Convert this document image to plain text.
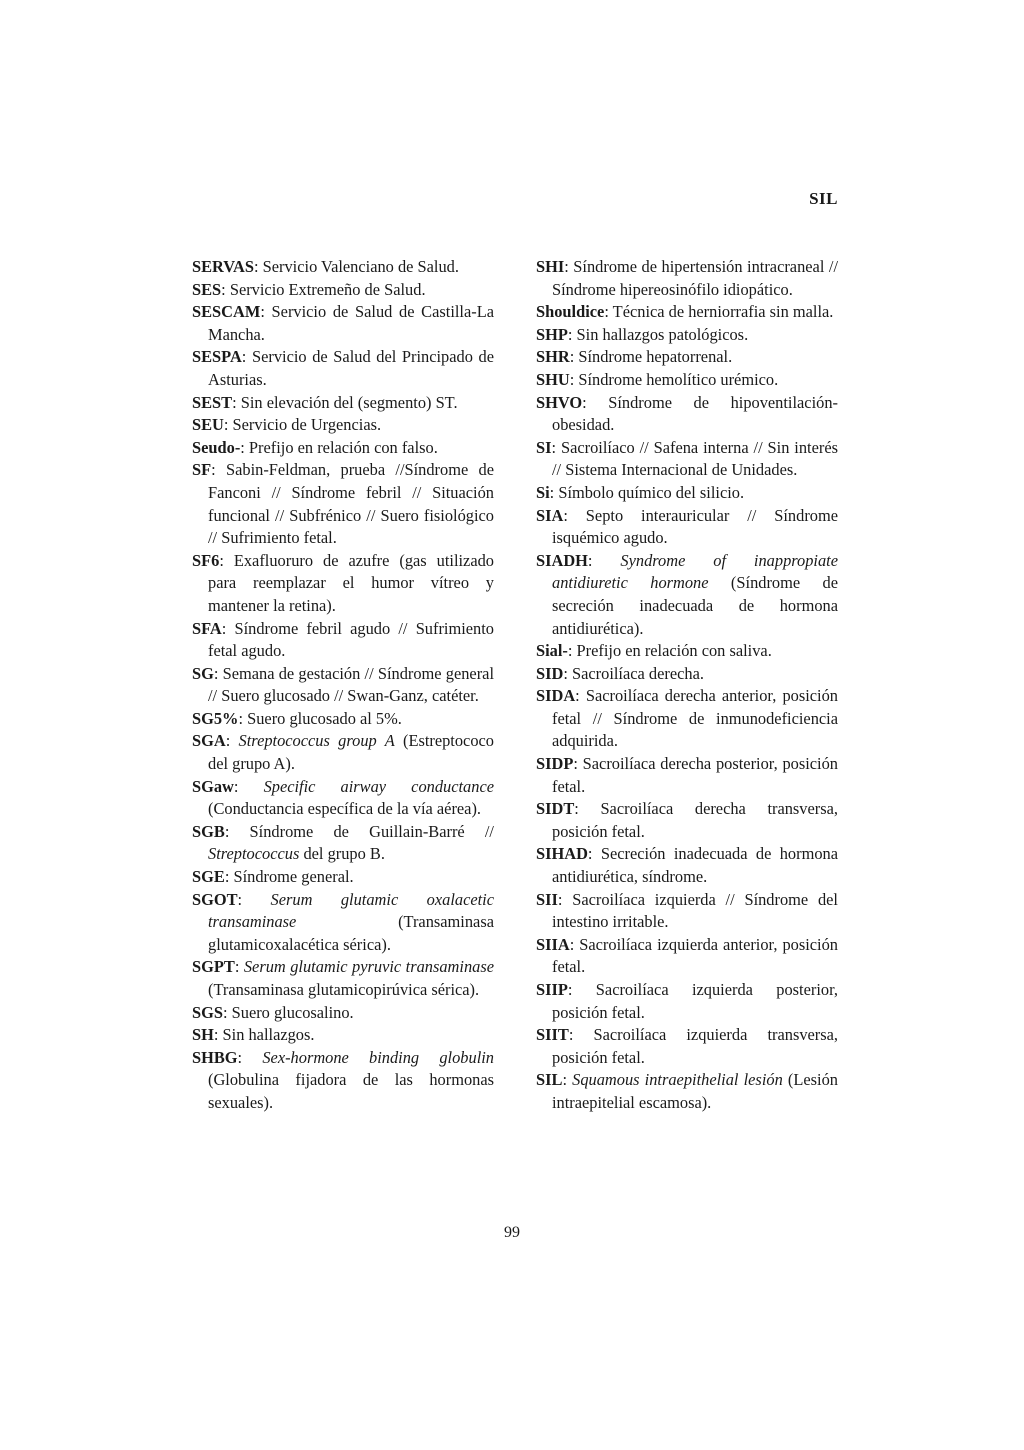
SIL

SERVAS: Servicio Valenciano de Salud.

SES: Servicio Extremeño de Salud.

SESCAM: Servicio de Salud de Castilla-La Mancha.

SESPA: Servicio de Salud del Principado de Asturias.

SEST: Sin elevación del (segmento) ST.

SEU: Servicio de Urgencias.

Seudo-: Prefijo en relación con falso.

SF: Sabin-Feldman, prueba //Síndrome de Fanconi // Síndrome febril // Situación funcional // Subfrénico // Suero fisiológico // Sufrimiento fetal.

SF6: Exafluoruro de azufre (gas utilizado para reemplazar el humor vítreo y mantener la retina).

SFA: Síndrome febril agudo // Sufrimiento fetal agudo.

SG: Semana de gestación // Síndrome general // Suero glucosado // Swan-Ganz, catéter.

SG5%: Suero glucosado al 5%.

SGA: Streptococcus group A (Estreptococo del grupo A).

SGaw: Specific airway conductance (Conductancia específica de la vía aérea).

SGB: Síndrome de Guillain-Barré // Streptococcus del grupo B.

SGE: Síndrome general.

SGOT: Serum glutamic oxalacetic transaminase (Transaminasa glutamicoxalacética sérica).

SGPT: Serum glutamic pyruvic transaminase (Transaminasa glutamicopirúvica sérica).

SGS: Suero glucosalino.

SH: Sin hallazgos.

SHBG: Sex-hormone binding globulin (Globulina fijadora de las hormonas sexuales).

SHI: Síndrome de hipertensión intracraneal // Síndrome hipereosinófilo idiopático.

Shouldice: Técnica de herniorrafia sin malla.

SHP: Sin hallazgos patológicos.

SHR: Síndrome hepatorrenal.

SHU: Síndrome hemolítico urémico.

SHVO: Síndrome de hipoventilación-obesidad.

SI: Sacroilíaco // Safena interna // Sin interés // Sistema Internacional de Unidades.

Si: Símbolo químico del silicio.

SIA: Septo interauricular // Síndrome isquémico agudo.

SIADH: Syndrome of inappropiate antidiuretic hormone (Síndrome de secreción inadecuada de hormona antidiurética).

Sial-: Prefijo en relación con saliva.

SID: Sacroilíaca derecha.

SIDA: Sacroilíaca derecha anterior, posición fetal // Síndrome de inmunodeficiencia adquirida.

SIDP: Sacroilíaca derecha posterior, posición fetal.

SIDT: Sacroilíaca derecha transversa, posición fetal.

SIHAD: Secreción inadecuada de hormona antidiurética, síndrome.

SII: Sacroilíaca izquierda // Síndrome del intestino irritable.

SIIA: Sacroilíaca izquierda anterior, posición fetal.

SIIP: Sacroilíaca izquierda posterior, posición fetal.

SIIT: Sacroilíaca izquierda transversa, posición fetal.

SIL: Squamous intraepithelial lesión (Lesión intraepitelial escamosa).

99
